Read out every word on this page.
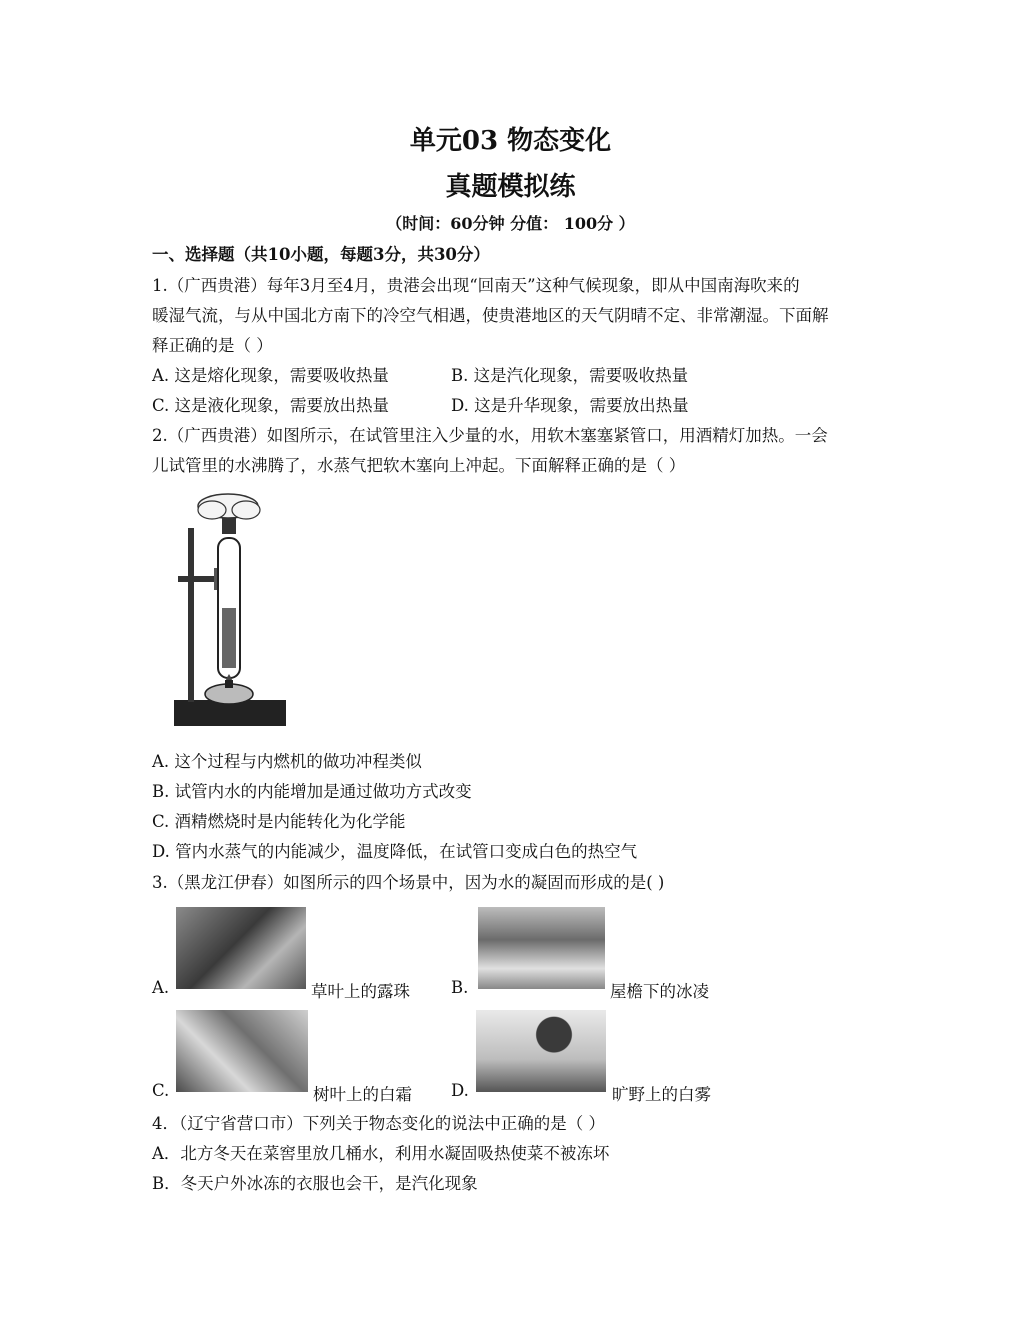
单元03 物态变化
真题模拟练
（时间：60分钟 分值： 100分 ）
一、选择题（共10小题，每题3分，共30分）
1.（广西贵港）每年3月至4月，贵港会出现“回南天”这种气候现象，即从中国南海吹来的
暖湿气流，与从中国北方南下的冷空气相遇，使贵港地区的天气阴晴不定、非常潮湿。下面解
释正确的是（ ）
A. 这是熔化现象，需要吸收热量	B. 这是汽化现象，需要吸收热量
C. 这是液化现象，需要放出热量	D. 这是升华现象，需要放出热量
2.（广西贵港）如图所示，在试管里注入少量的水，用软木塞塞紧管口，用酒精灯加热。一会
儿试管里的水沸腾了，水蒸气把软木塞向上冲起。下面解释正确的是（ ）
A. 这个过程与内燃机的做功冲程类似
B. 试管内水的内能增加是通过做功方式改变
C. 酒精燃烧时是内能转化为化学能
D. 管内水蒸气的内能减少，温度降低，在试管口变成白色的热空气
3.（黑龙江伊春）如图所示的四个场景中，因为水的凝固而形成的是( )
A.	草叶上的露珠 B.	屋檐下的冰凌
C.	树叶上的白霜 D.	旷野上的白雾
4．（辽宁省营口市）下列关于物态变化的说法中正确的是（ ）
A．北方冬天在菜窖里放几桶水，利用水凝固吸热使菜不被冻坏
B．冬天户外冰冻的衣服也会干，是汽化现象
